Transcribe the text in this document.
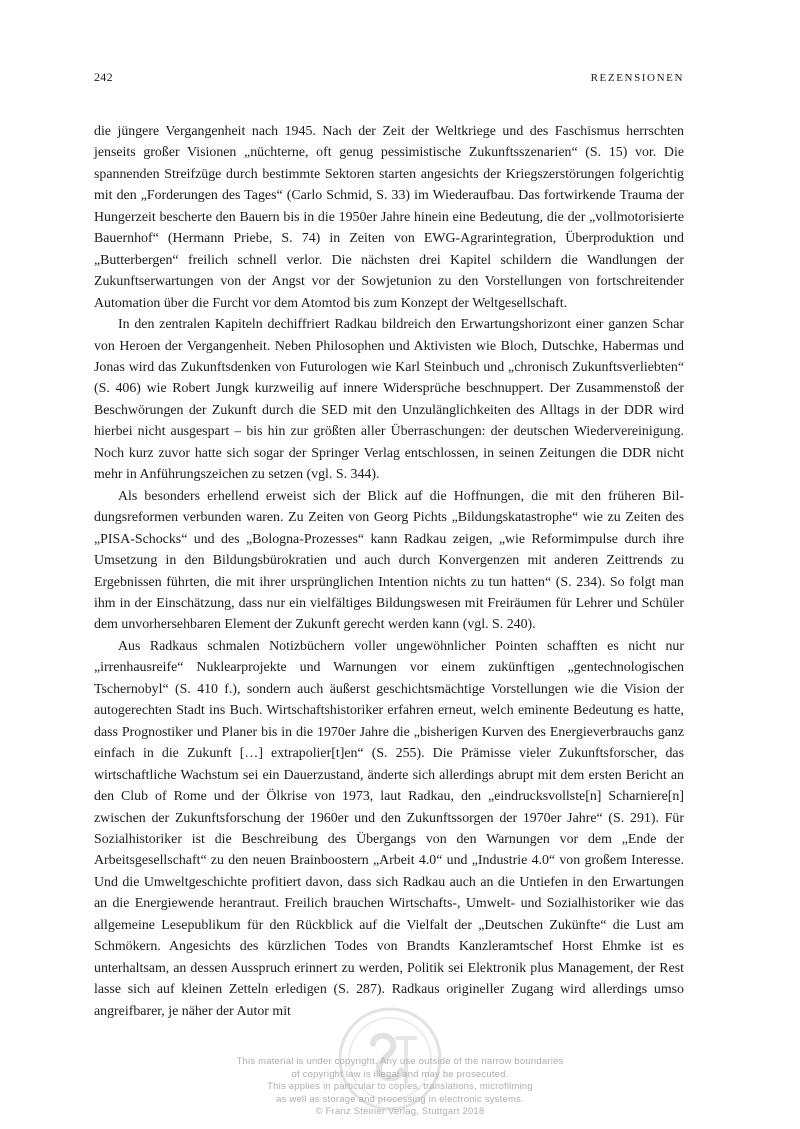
242	REZENSIONEN

die jüngere Vergangenheit nach 1945. Nach der Zeit der Weltkriege und des Faschismus herrschten jenseits großer Visionen „nüchterne, oft genug pessimistische Zukunftsszenarien“ (S. 15) vor. Die spannenden Streifzüge durch bestimmte Sektoren starten angesichts der Kriegszerstörungen folgerichtig mit den „Forderungen des Tages“ (Carlo Schmid, S. 33) im Wiederaufbau. Das fortwirkende Trauma der Hungerzeit bescherte den Bauern bis in die 1950er Jahre hinein eine Bedeutung, die der „vollmotorisierte Bauernhof“ (Hermann Priebe, S. 74) in Zeiten von EWG-Agrarintegration, Überproduktion und „Butterbergen“ freilich schnell verlor. Die nächsten drei Kapitel schildern die Wandlungen der Zukunftserwartungen von der Angst vor der Sowjetunion zu den Vorstellungen von fortschreitender Automation über die Furcht vor dem Atomtod bis zum Konzept der Weltgesellschaft.

In den zentralen Kapiteln dechiffriert Radkau bildreich den Erwartungshorizont einer ganzen Schar von Heroen der Vergangenheit. Neben Philosophen und Aktivisten wie Bloch, Dutschke, Habermas und Jonas wird das Zukunftsdenken von Futurologen wie Karl Steinbuch und „chronisch Zukunftsverliebten“ (S. 406) wie Robert Jungk kurzweilig auf innere Widersprüche beschnuppert. Der Zusammenstoß der Beschwörungen der Zukunft durch die SED mit den Unzulänglichkeiten des Alltags in der DDR wird hierbei nicht ausgespart – bis hin zur größten aller Überraschungen: der deutschen Wiedervereinigung. Noch kurz zuvor hatte sich sogar der Springer Verlag entschlossen, in seinen Zeitungen die DDR nicht mehr in Anführungszeichen zu setzen (vgl. S. 344).

Als besonders erhellend erweist sich der Blick auf die Hoffnungen, die mit den früheren Bildungsreformen verbunden waren. Zu Zeiten von Georg Pichts „Bildungskatastrophe“ wie zu Zeiten des „PISA-Schocks“ und des „Bologna-Prozesses“ kann Radkau zeigen, „wie Reformimpulse durch ihre Umsetzung in den Bildungsbürokratien und auch durch Konvergenzen mit anderen Zeittrends zu Ergebnissen führten, die mit ihrer ursprünglichen Intention nichts zu tun hatten“ (S. 234). So folgt man ihm in der Einschätzung, dass nur ein vielfältiges Bildungswesen mit Freiräumen für Lehrer und Schüler dem unvorhersehbaren Element der Zukunft gerecht werden kann (vgl. S. 240).

Aus Radkaus schmalen Notizbüchern voller ungewöhnlicher Pointen schafften es nicht nur „irrenhausreife“ Nuklearprojekte und Warnungen vor einem zukünftigen „gentechnologischen Tschernobyl“ (S. 410 f.), sondern auch äußerst geschichtsmächtige Vorstellungen wie die Vision der autogerechten Stadt ins Buch. Wirtschaftshistoriker erfahren erneut, welch eminente Bedeutung es hatte, dass Prognostiker und Planer bis in die 1970er Jahre die „bisherigen Kurven des Energieverbrauchs ganz einfach in die Zukunft […] extrapolier[t]en“ (S. 255). Die Prämisse vieler Zukunftsforscher, das wirtschaftliche Wachstum sei ein Dauerzustand, änderte sich allerdings abrupt mit dem ersten Bericht an den Club of Rome und der Ölkrise von 1973, laut Radkau, den „eindrucksvollste[n] Scharniere[n] zwischen der Zukunftsforschung der 1960er und den Zukunftssorgen der 1970er Jahre“ (S. 291). Für Sozialhistoriker ist die Beschreibung des Übergangs von den Warnungen vor dem „Ende der Arbeitsgesellschaft“ zu den neuen Brainboostern „Arbeit 4.0“ und „Industrie 4.0“ von großem Interesse. Und die Umweltgeschichte profitiert davon, dass sich Radkau auch an die Untiefen in den Erwartungen an die Energiewende herantraut. Freilich brauchen Wirtschafts-, Umwelt- und Sozialhistoriker wie das allgemeine Lesepublikum für den Rückblick auf die Vielfalt der „Deutschen Zukünfte“ die Lust am Schmökern. Angesichts des kürzlichen Todes von Brandts Kanzleramtschef Horst Ehmke ist es unterhaltsam, an dessen Ausspruch erinnert zu werden, Politik sei Elektronik plus Management, der Rest lasse sich auf kleinen Zetteln erledigen (S. 287). Radkaus origineller Zugang wird allerdings umso angreifbarer, je näher der Autor mit

This material is under copyright. Any use outside of the narrow boundaries
of copyright law is illegal and may be prosecuted.
This applies in particular to copies, translations, microfilming
as well as storage and processing in electronic systems.
© Franz Steiner Verlag, Stuttgart 2018
